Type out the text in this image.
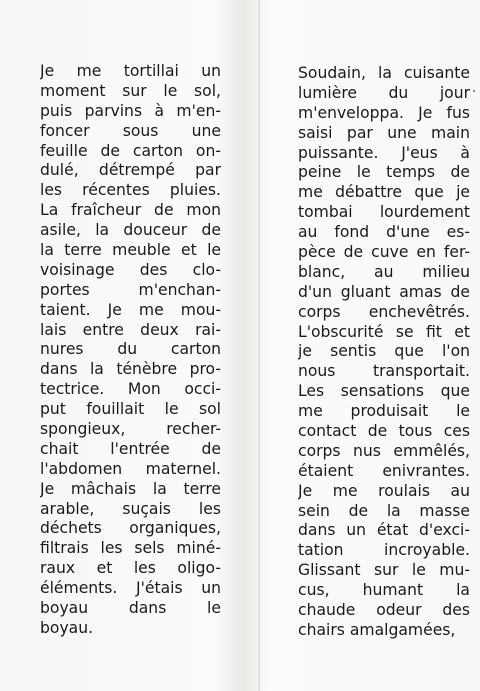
Je me tortillai un
moment sur le sol,
puis parvins à m'en-
foncer sous une
feuille de carton on-
dulé, détrempé par
les récentes pluies.
La fraîcheur de mon
asile, la douceur de
la terre meuble et le
voisinage des clo-
portes m'enchan-
taient. Je me mou-
lais entre deux rai-
nures du carton
dans la ténèbre pro-
tectrice. Mon occi-
put fouillait le sol
spongieux, recher-
chait l'entrée de
l'abdomen maternel.
Je mâchais la terre
arable, suçais les
déchets organiques,
filtrais les sels miné-
raux et les oligo-
éléments. J'étais un
boyau dans le
boyau.
Soudain, la cuisante
lumière du jour
m'enveloppa. Je fus
saisi par une main
puissante. J'eus à
peine le temps de
me débattre que je
tombai lourdement
au fond d'une es-
pèce de cuve en fer-
blanc, au milieu
d'un gluant amas de
corps enchevêtrés.
L'obscurité se fit et
je sentis que l'on
nous transportait.
Les sensations que
me produisait le
contact de tous ces
corps nus emmêlés,
étaient enivrantes.
Je me roulais au
sein de la masse
dans un état d'exci-
tation incroyable.
Glissant sur le mu-
cus, humant la
chaude odeur des
chairs amalgamées,
